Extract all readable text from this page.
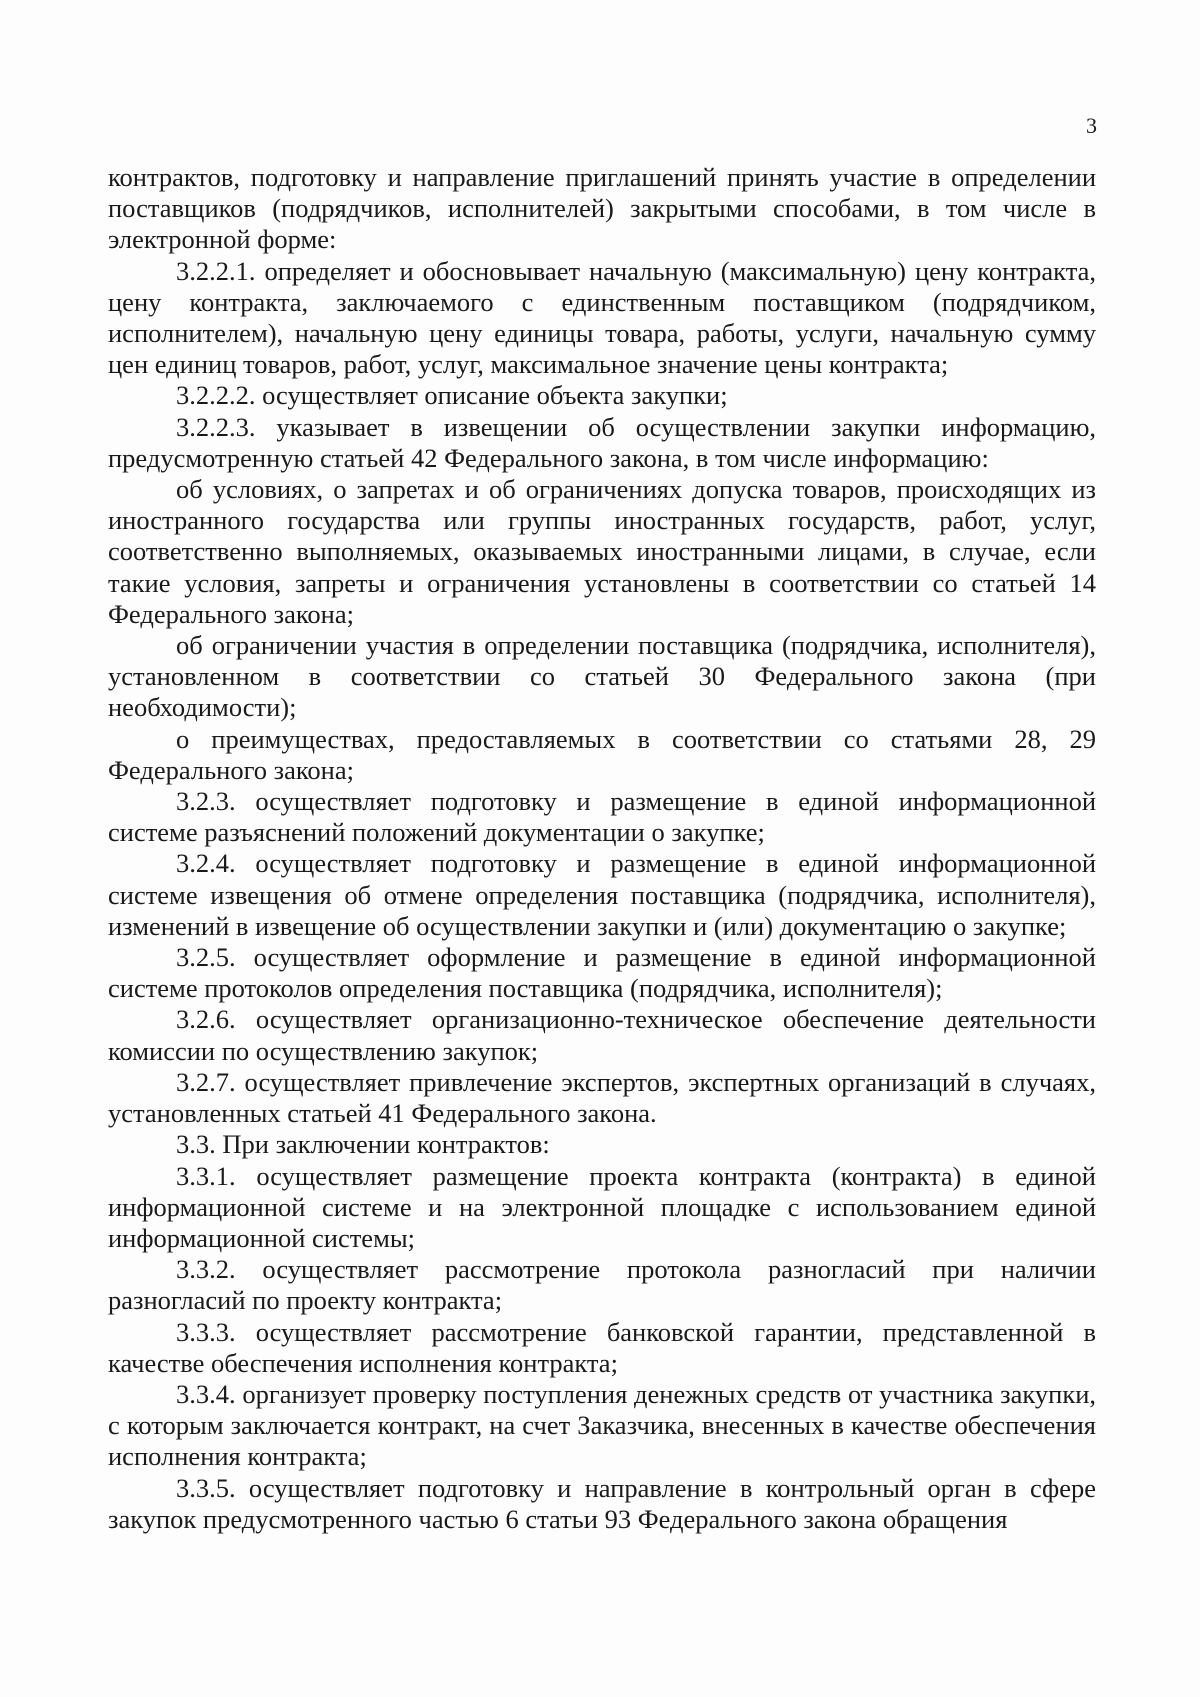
3

контрактов, подготовку и направление приглашений принять участие в определении поставщиков (подрядчиков, исполнителей) закрытыми способами, в том числе в электронной форме:

3.2.2.1. определяет и обосновывает начальную (максимальную) цену контракта, цену контракта, заключаемого с единственным поставщиком (подрядчиком, исполнителем), начальную цену единицы товара, работы, услуги, начальную сумму цен единиц товаров, работ, услуг, максимальное значение цены контракта;

3.2.2.2. осуществляет описание объекта закупки;

3.2.2.3. указывает в извещении об осуществлении закупки информацию, предусмотренную статьей 42 Федерального закона, в том числе информацию:

об условиях, о запретах и об ограничениях допуска товаров, происходящих из иностранного государства или группы иностранных государств, работ, услуг, соответственно выполняемых, оказываемых иностранными лицами, в случае, если такие условия, запреты и ограничения установлены в соответствии со статьей 14 Федерального закона;

об ограничении участия в определении поставщика (подрядчика, исполнителя), установленном в соответствии со статьей 30 Федерального закона (при необходимости);

о преимуществах, предоставляемых в соответствии со статьями 28, 29 Федерального закона;

3.2.3. осуществляет подготовку и размещение в единой информационной системе разъяснений положений документации о закупке;

3.2.4. осуществляет подготовку и размещение в единой информационной системе извещения об отмене определения поставщика (подрядчика, исполнителя), изменений в извещение об осуществлении закупки и (или) документацию о закупке;

3.2.5. осуществляет оформление и размещение в единой информационной системе протоколов определения поставщика (подрядчика, исполнителя);

3.2.6. осуществляет организационно-техническое обеспечение деятельности комиссии по осуществлению закупок;

3.2.7. осуществляет привлечение экспертов, экспертных организаций в случаях, установленных статьей 41 Федерального закона.

3.3. При заключении контрактов:

3.3.1. осуществляет размещение проекта контракта (контракта) в единой информационной системе и на электронной площадке с использованием единой информационной системы;

3.3.2. осуществляет рассмотрение протокола разногласий при наличии разногласий по проекту контракта;

3.3.3. осуществляет рассмотрение банковской гарантии, представленной в качестве обеспечения исполнения контракта;

3.3.4. организует проверку поступления денежных средств от участника закупки, с которым заключается контракт, на счет Заказчика, внесенных в качестве обеспечения исполнения контракта;

3.3.5. осуществляет подготовку и направление в контрольный орган в сфере закупок предусмотренного частью 6 статьи 93 Федерального закона обращения
